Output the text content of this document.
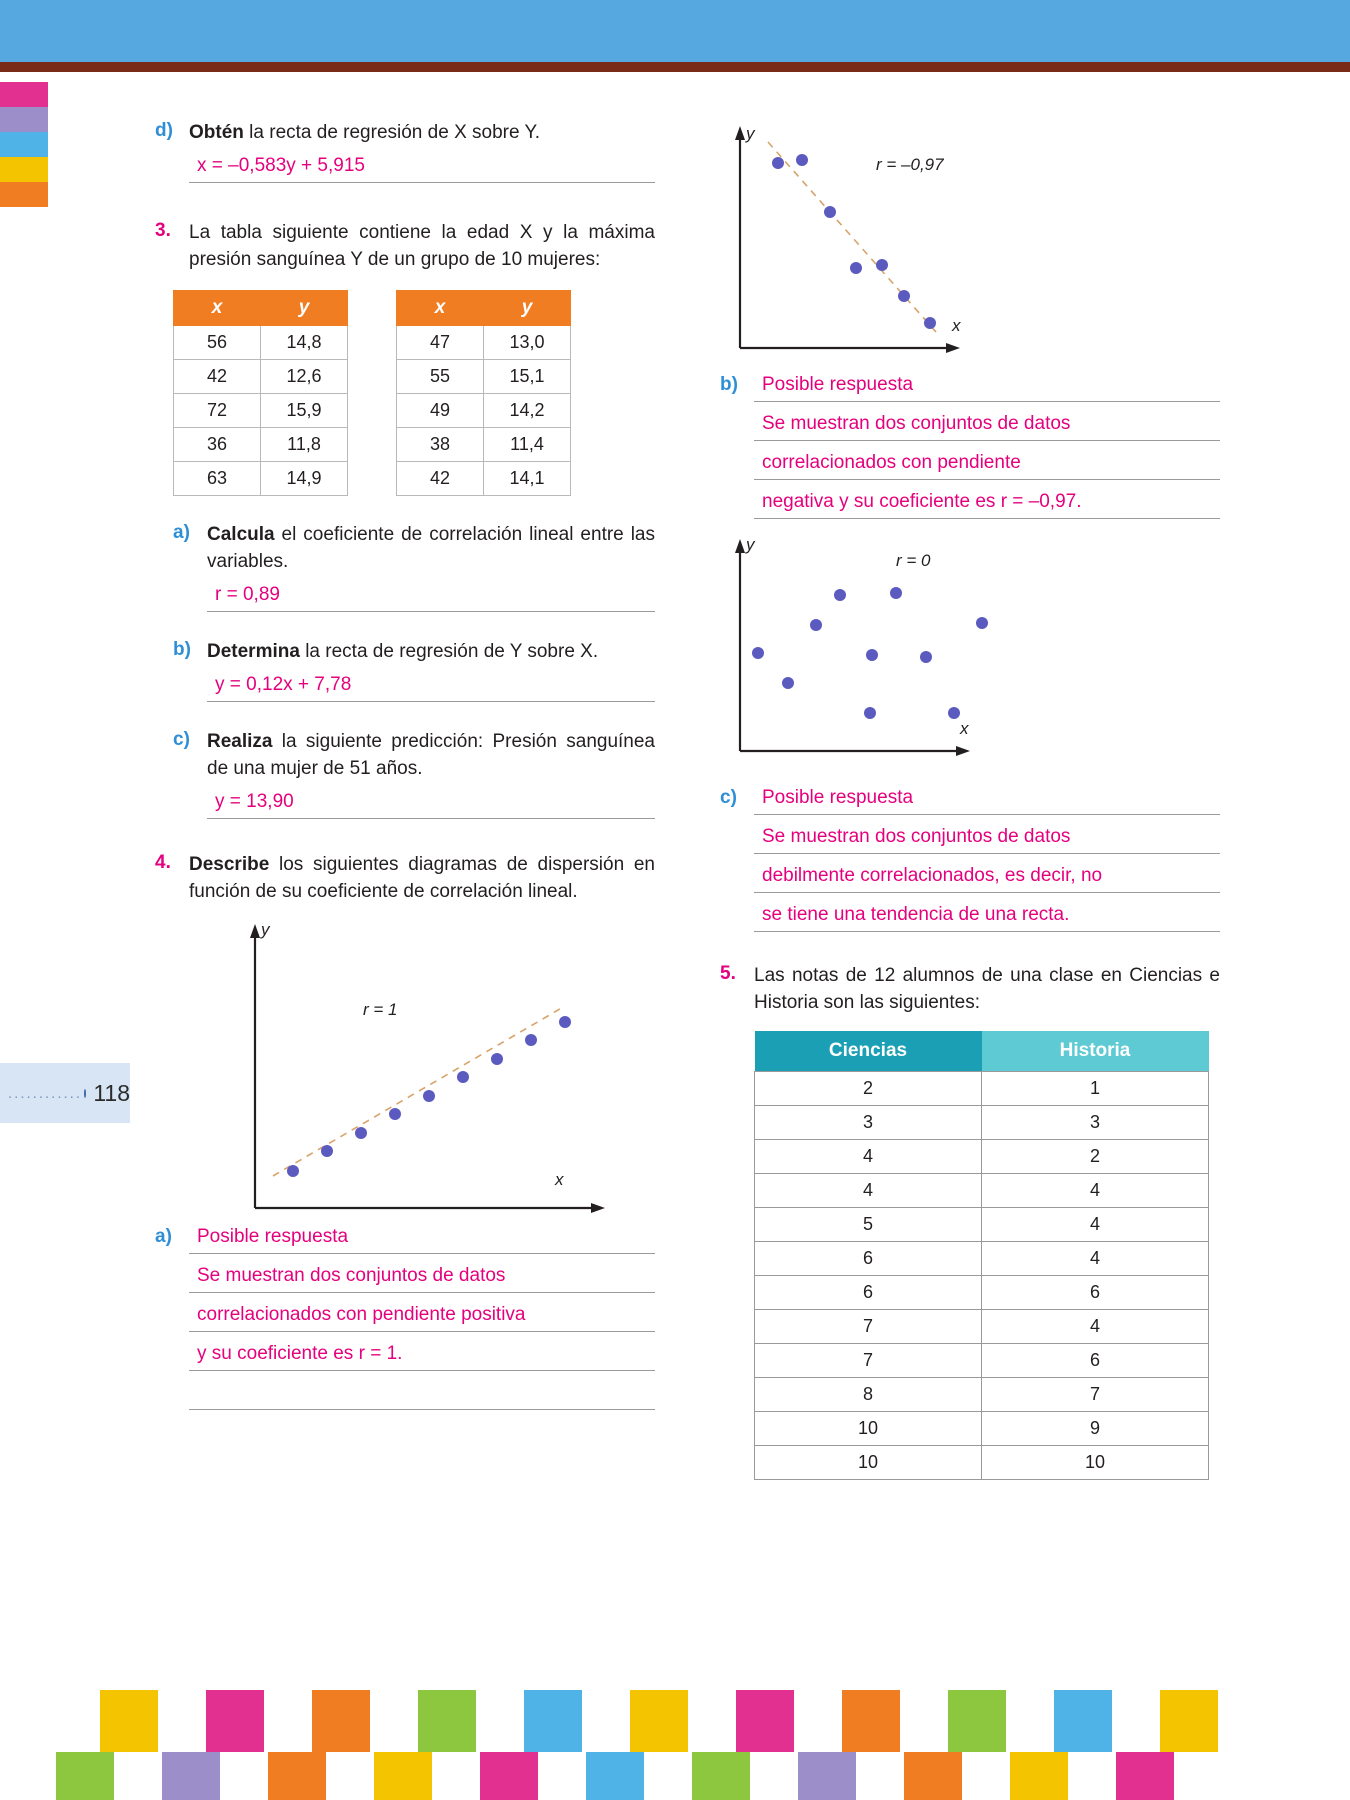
............ 118
d) Obtén la recta de regresión de X sobre Y.
x = –0,583y + 5,915
3. La tabla siguiente contiene la edad X y la máxima presión sanguínea Y de un grupo de 10 mujeres:
x	y
56	14,8
42	12,6
72	15,9
36	11,8
63	14,9
x	y
47	13,0
55	15,1
49	14,2
38	11,4
42	14,1
a) Calcula el coeficiente de correlación lineal entre las variables.
r = 0,89
b) Determina la recta de regresión de Y sobre X.
y = 0,12x + 7,78
c) Realiza la siguiente predicción: Presión sanguínea de una mujer de 51 años.
y = 13,90
4. Describe los siguientes diagramas de dispersión en función de su coeficiente de correlación lineal.
y
x
r = 1
a)	Posible respuesta
Se muestran dos conjuntos de datos
correlacionados con pendiente positiva
y su coeficiente es r = 1.
y
x
r = –0,97
b)	Posible respuesta
Se muestran dos conjuntos de datos
correlacionados con pendiente
negativa y su coeficiente es r = –0,97.
y
x
r = 0
c)	Posible respuesta
Se muestran dos conjuntos de datos
debilmente correlacionados, es decir, no
se tiene una tendencia de una recta.
5. Las notas de 12 alumnos de una clase en Ciencias e Historia son las siguientes:
Ciencias	Historia
2	1
3	3
4	2
4	4
5	4
6	4
6	6
7	4
7	6
8	7
10	9
10	10
